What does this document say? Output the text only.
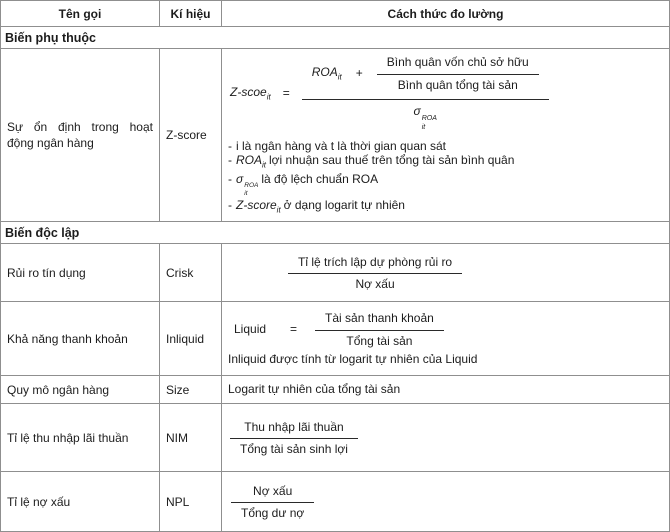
Tên gọi	Kí hiệu	Cách thức đo lường
Biến phụ thuộc		
Sự ổn định trong hoạt động ngân hàng	Z-score	
Z-scoe$_{it}$ =
$ROA_{it} + \frac{\text{Bình quân vốn chủ sở hữu}}{\text{Bình quân tổng tài sản}}$
σ
ROA
it
- i là ngân hàng và t là thời gian quan sát
- $ROA_{it}$ lợi nhuận sau thuế trên tổng tài sản bình quân
- σ ROA
it
là độ lệch chuẩn ROA
- Z-score$_{it}$ ở dạng logarit tự nhiên

Biến độc lập		
Rủi ro tín dụng	Crisk	$\frac{\text{Tỉ lệ trích lập dự phòng rủi ro}}{\text{Nợ xấu}}$

Khả năng thanh khoản	Inliquid	Liquid = $\frac{\text{Tài sản thanh khoản}}{\text{Tổng tài sản}}$
Inliquid được tính từ logarit tự nhiên của Liquid

Quy mô ngân hàng	Size	Logarit tự nhiên của tổng tài sản
Tỉ lệ thu nhập lãi thuần	NIM	$\frac{\text{Thu nhập lãi thuần}}{\text{Tổng tài sản sinh lợi}}$

Tỉ lệ nợ xấu	NPL	$\frac{\text{Nợ xấu}}{\text{Tổng dư nợ}}$
